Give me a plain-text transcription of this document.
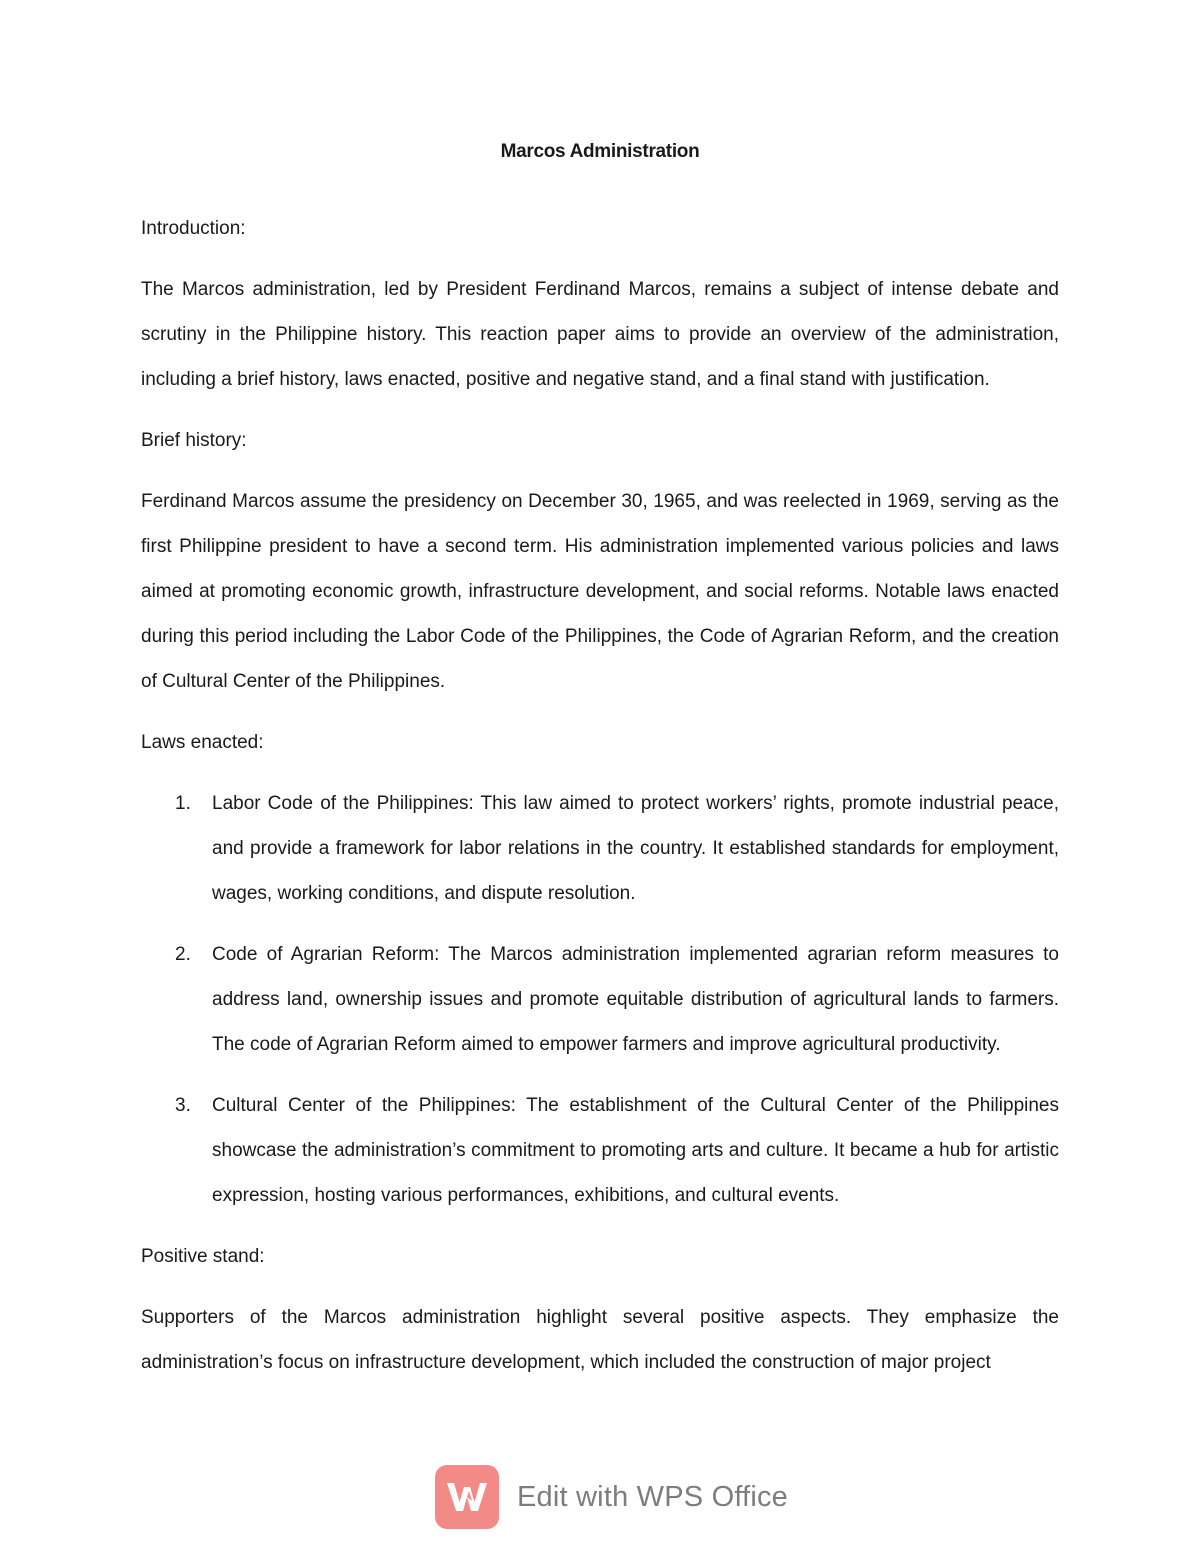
Marcos Administration

Introduction:

The Marcos administration, led by President Ferdinand Marcos, remains a subject of intense debate and scrutiny in the Philippine history. This reaction paper aims to provide an overview of the administration, including a brief history, laws enacted, positive and negative stand, and a final stand with justification.

Brief history:

Ferdinand Marcos assume the presidency on December 30, 1965, and was reelected in 1969, serving as the first Philippine president to have a second term. His administration implemented various policies and laws aimed at promoting economic growth, infrastructure development, and social reforms. Notable laws enacted during this period including the Labor Code of the Philippines, the Code of Agrarian Reform, and the creation of Cultural Center of the Philippines.

Laws enacted:

1. Labor Code of the Philippines: This law aimed to protect workers’ rights, promote industrial peace, and provide a framework for labor relations in the country. It established standards for employment, wages, working conditions, and dispute resolution.
2. Code of Agrarian Reform: The Marcos administration implemented agrarian reform measures to address land, ownership issues and promote equitable distribution of agricultural lands to farmers. The code of Agrarian Reform aimed to empower farmers and improve agricultural productivity.
3. Cultural Center of the Philippines: The establishment of the Cultural Center of the Philippines showcase the administration’s commitment to promoting arts and culture. It became a hub for artistic expression, hosting various performances, exhibitions, and cultural events.

Positive stand:

Supporters of the Marcos administration highlight several positive aspects. They emphasize the administration’s focus on infrastructure development, which included the construction of major project

Edit with WPS Office
